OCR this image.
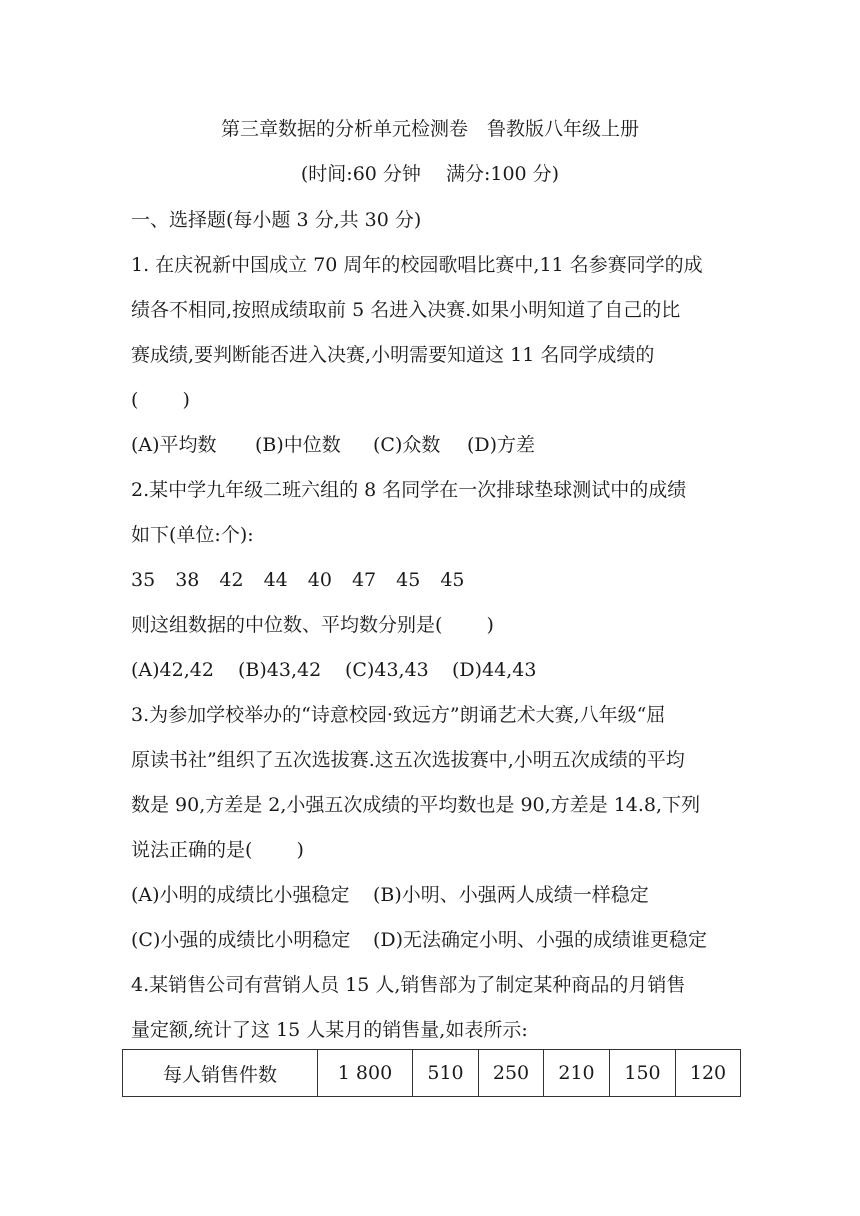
第三章数据的分析单元检测卷　鲁教版八年级上册
(时间:60 分钟　 满分:100 分)
一、选择题(每小题 3 分,共 30 分)
1. 在庆祝新中国成立 70 周年的校园歌唱比赛中,11 名参赛同学的成
绩各不相同,按照成绩取前 5 名进入决赛.如果小明知道了自己的比
赛成绩,要判断能否进入决赛,小明需要知道这 11 名同学成绩的
(　　 )
(A)平均数 (B)中位数 (C)众数 (D)方差
2.某中学九年级二班六组的 8 名同学在一次排球垫球测试中的成绩
如下(单位:个):
35 38 42 44 40 47 45 45
则这组数据的中位数、平均数分别是(　　 )
(A)42,42 (B)43,42 (C)43,43 (D)44,43
3.为参加学校举办的“诗意校园·致远方”朗诵艺术大赛,八年级“屈
原读书社”组织了五次选拔赛.这五次选拔赛中,小明五次成绩的平均
数是 90,方差是 2,小强五次成绩的平均数也是 90,方差是 14.8,下列
说法正确的是(　　 )
(A)小明的成绩比小强稳定 (B)小明、小强两人成绩一样稳定
(C)小强的成绩比小明稳定 (D)无法确定小明、小强的成绩谁更稳定
4.某销售公司有营销人员 15 人,销售部为了制定某种商品的月销售
量定额,统计了这 15 人某月的销售量,如表所示:
每人销售件数	1 800	510	250	210	150	120
